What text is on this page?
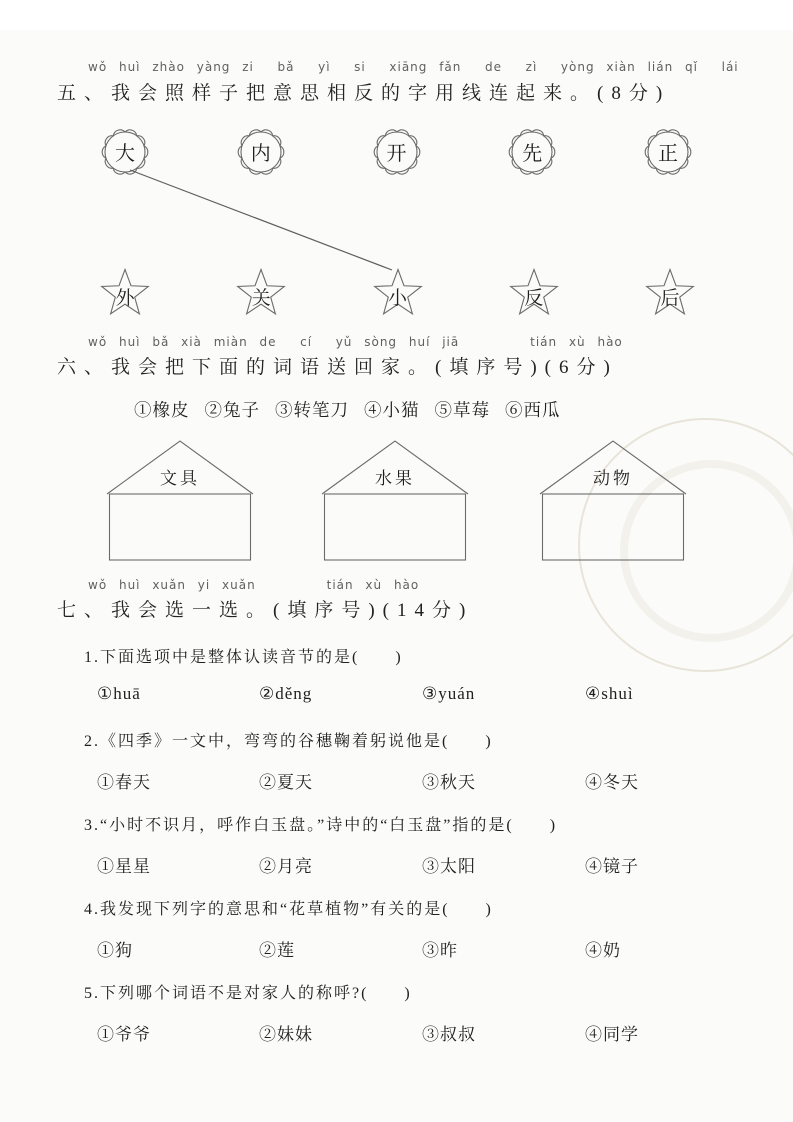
wǒ huì zhào yàng zi  bǎ  yì  si  xiāng fǎn  de  zì  yòng xiàn lián qǐ  lái
五、我会照样子把意思相反的字用线连起来。(8分)
大	内	开	先	正
外	关	小	反	后
wǒ huì bǎ xià miàn de  cí  yǔ sòng huí jiā      tián xù hào
六、我会把下面的词语送回家。(填序号)(6分)
①橡皮 ②兔子 ③转笔刀 ④小猫 ⑤草莓 ⑥西瓜
文具	水果	动物
wǒ huì xuǎn yi xuǎn      tián xù hào
七、我会选一选。(填序号)(14分)
1.下面选项中是整体认读音节的是(　　)
①huā	②děng	③yuán	④shuì
2.《四季》一文中，弯弯的谷穗鞠着躬说他是(　　)
①春天	②夏天	③秋天	④冬天
3.“小时不识月，呼作白玉盘。”诗中的“白玉盘”指的是(　　)
①星星	②月亮	③太阳	④镜子
4.我发现下列字的意思和“花草植物”有关的是(　　)
①狗	②莲	③昨	④奶
5.下列哪个词语不是对家人的称呼?(　　)
①爷爷	②妹妹	③叔叔	④同学
